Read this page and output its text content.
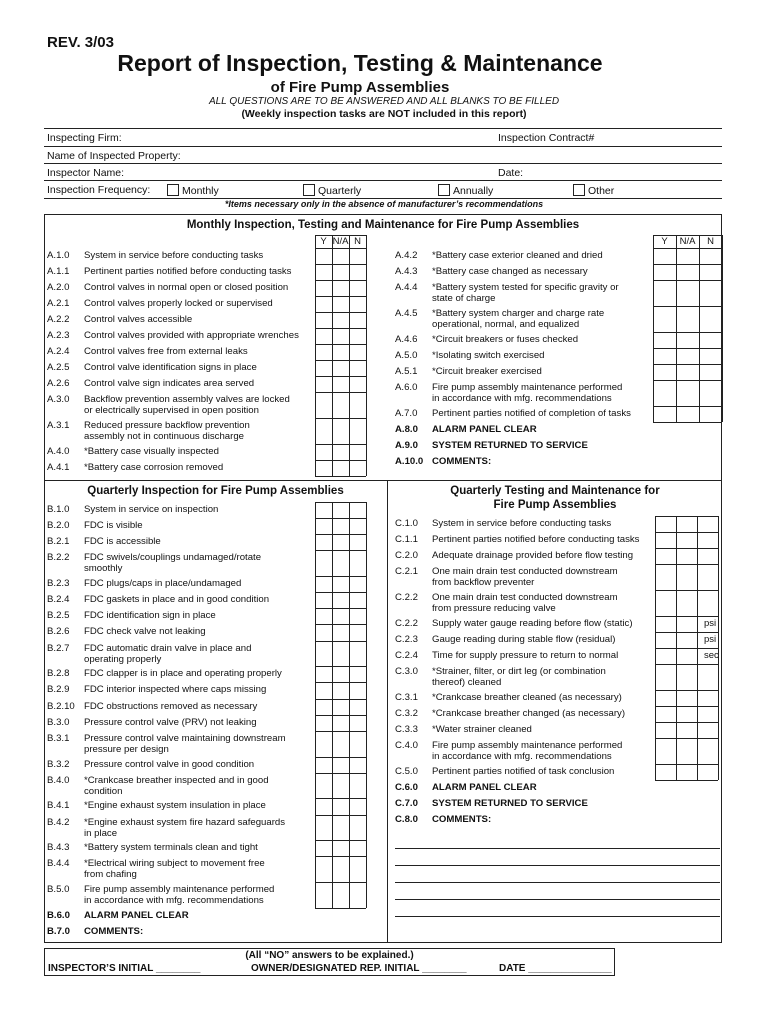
REV. 3/03
Report of Inspection, Testing & Maintenance
of Fire Pump Assemblies
ALL QUESTIONS ARE TO BE ANSWERED AND ALL BLANKS TO BE FILLED
(Weekly inspection tasks are NOT included in this report)
Inspecting Firm:	Inspection Contract#
Name of Inspected Property:
Inspector Name:	Date:
Inspection Frequency:	Monthly	Quarterly	Annually	Other
*Items necessary only in the absence of manufacturer’s recommendations
Monthly Inspection, Testing and Maintenance for Fire Pump Assemblies
Y N/A N
A.1.0 System in service before conducting tasks
A.1.1 Pertinent parties notified before conducting tasks
A.2.0 Control valves in normal open or closed position
A.2.1 Control valves properly locked or supervised
A.2.2 Control valves accessible
A.2.3 Control valves provided with appropriate wrenches
A.2.4 Control valves free from external leaks
A.2.5 Control valve identification signs in place
A.2.6 Control valve sign indicates area served
A.3.0 Backflow prevention assembly valves are locked
or electrically supervised in open position
A.3.1 Reduced pressure backflow prevention
assembly not in continuous discharge
A.4.0 *Battery case visually inspected
A.4.1 *Battery case corrosion removed
Y	N/A	N
A.4.2 *Battery case exterior cleaned and dried
A.4.3 *Battery case changed as necessary
A.4.4 *Battery system tested for specific gravity or
state of charge
A.4.5 *Battery system charger and charge rate
operational, normal, and equalized
A.4.6 *Circuit breakers or fuses checked
A.5.0 *Isolating switch exercised
A.5.1 *Circuit breaker exercised
A.6.0 Fire pump assembly maintenance performed
in accordance with mfg. recommendations
A.7.0 Pertinent parties notified of completion of tasks
A.8.0 ALARM PANEL CLEAR
A.9.0 SYSTEM RETURNED TO SERVICE
A.10.0 COMMENTS:
Quarterly Inspection for Fire Pump Assemblies	Quarterly Testing and Maintenance for
Fire Pump Assemblies
B.1.0 System in service on inspection
B.2.0 FDC is visible
B.2.1 FDC is accessible
B.2.2 FDC swivels/couplings undamaged/rotate
smoothly
B.2.3 FDC plugs/caps in place/undamaged
B.2.4 FDC gaskets in place and in good condition
B.2.5 FDC identification sign in place
B.2.6 FDC check valve not leaking
B.2.7 FDC automatic drain valve in place and
operating properly
B.2.8 FDC clapper is in place and operating properly
B.2.9 FDC interior inspected where caps missing
B.2.10 FDC obstructions removed as necessary
B.3.0 Pressure control valve (PRV) not leaking
B.3.1 Pressure control valve maintaining downstream
pressure per design
B.3.2 Pressure control valve in good condition
B.4.0 *Crankcase breather inspected and in good
condition
B.4.1 *Engine exhaust system insulation in place
B.4.2 *Engine exhaust system fire hazard safeguards
in place
B.4.3 *Battery system terminals clean and tight
B.4.4 *Electrical wiring subject to movement free
from chafing
B.5.0 Fire pump assembly maintenance performed
in accordance with mfg. recommendations
B.6.0 ALARM PANEL CLEAR
B.7.0 COMMENTS:
C.1.0 System in service before conducting tasks
C.1.1 Pertinent parties notified before conducting tasks
C.2.0 Adequate drainage provided before flow testing
C.2.1 One main drain test conducted downstream
from backflow preventer
C.2.2 One main drain test conducted downstream
from pressure reducing valve
C.2.2 Supply water gauge reading before flow (static)	psi
C.2.3 Gauge reading during stable flow (residual)	psi
C.2.4 Time for supply pressure to return to normal	sec
C.3.0 *Strainer, filter, or dirt leg (or combination
thereof) cleaned
C.3.1 *Crankcase breather cleaned (as necessary)
C.3.2 *Crankcase breather changed (as necessary)
C.3.3 *Water strainer cleaned
C.4.0 Fire pump assembly maintenance performed
in accordance with mfg. recommendations
C.5.0 Pertinent parties notified of task conclusion
C.6.0 ALARM PANEL CLEAR
C.7.0 SYSTEM RETURNED TO SERVICE
C.8.0 COMMENTS:
(All “NO” answers to be explained.)
INSPECTOR’S INITIAL ________	OWNER/DESIGNATED REP. INITIAL ________	DATE _______________
